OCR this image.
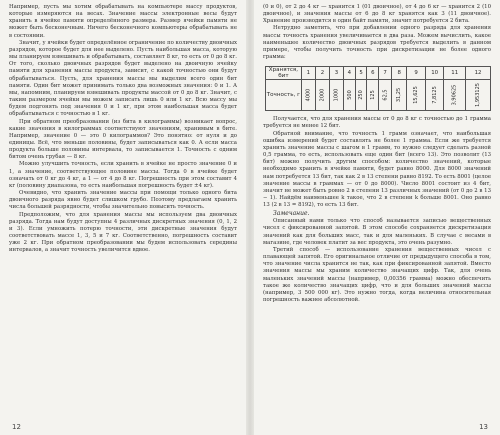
Например, пусть мы хотим обрабатывать на компьютере массу продуктов, которые измеряются на весах. Значение массы электронные весы будут хранить в ячейке памяти определённого размера. Размер ячейки памяти не может быть бесконечным. Ничего бесконечного компьютеры обрабатывать не в состоянии.

Значит, у ячейки будет определённое ограничение по количеству двоичных разрядов, которое будет для нее выделено. Пусть наибольшая масса, которую мы планируем взвешивать и обрабатывать, составляет 8 кг, то есть от 0 до 8 кг. От того, сколько двоичных разрядов будет выделено на двоичную ячейку памяти для хранения массы продукта, зависит, с какой точностью они будут обрабатываться. Пусть, для хранения массы мы выделим всего один бит памяти. Один бит может принимать только два возможных значения: 0 и 1. А мы, напомним, планируем взвешивать продукты массой от 0 до 8 кг. Значит, с таким размером ячейки мы можем записать лишь 0 или 1 кг. Всю массу мы будем подгонять под значения 0 и 1 кг, при этом наибольшая масса будет обрабатываться с точностью в 1 кг.

При обратном преобразовании (из бита в килограммы) возникает вопрос, какие значения в килограммах соответствуют значениям, хранимым в бите. Например, значение 0 — это 0 килограммов? Это понятно: от нуля и до единицы. Всё, что меньше половины, будет записываться как 0. А если масса продукта больше половины интервала, то записывается 1. Точность с одним битом очень грубая — 8 кг.

Можно улучшить точность, если хранить в ячейке не просто значение 0 и 1, а значение, соответствующее половине массы. Тогда 0 в ячейке будет означать от 0 кг до 4 кг, а 1 — от 4 до 8 кг. Погрешность при этом составит 4 кг (половину диапазона, то есть наибольшая погрешность будет ±4 кг).

Очевидно, что хранить значение массы при помощи только одного бита двоичного разряда явно будет слишком грубо. Поэтому предлагаем хранить числа большей разрядности, чтобы значительно повысить точность.

Предположим, что для хранения массы мы используем два двоичных разряда. Тогда нам будут доступны 4 различных дискретных значения (0, 1, 2 и 3). Если умножить потерю точности, эти дискретные значения будут соответствовать массе 1, 3, 5 и 7 кг. Соответственно, погрешность составит уже 2 кг. При обратном преобразовании мы будем использовать середины интервалов, а значит точность увеличится вдвое.

12

(0 и 0), от 2 до 4 кг — хранится 1 (01 двоичное), от 4 до 6 кг — хранится 2 (10 двоичное), и значения массы от 6 до 8 кг хранятся как 3 (11 двоичное). Хранение производится в один байт памяти, значит потребуется 2 бита.

Нетрудно заметить, что при добавлении одного разряда для хранения массы точность хранения увеличивается в два раза. Можем вычислить, какое наименьшее количество двоичных разрядов требуется выделить в данном примере, чтобы получить точность при дискретизации не более одного грамма:

Хранятся, бит	1	2	3	4	5	6	7	8	9	10	11	12
Точность, г	4000	2000	1000	500	250	125	62,5	31,25	15,625	7,8125	3,90625	1,953125

Получается, что для хранения массы от 0 до 8 кг с точностью до 1 грамма требуется не менее 12 бит.

Обратной внимание, что точность 1 грамм означает, что наибольшая ошибка измерений будет составлять не более 1 грамма. Если же требуется хранить значение массы с шагом в 1 грамм, то нужно следует сделать разной 0,5 грамма, то есть, использовать еще один бит (всего 13). Это позволит (13 бит) можно получить другим способом: количество значений, которые необходимо хранить в ячейке памяти, будет равно 8000. Для 8000 значений нам потребуется 13 бит, так как 2 в 13 степени равно 8192. То есть 8001 (целое значение массы в граммах — от 0 до 8000). Число 8001 состоит из 4 бит, значит не может быть ровно 2 в степени 13 различных значений (от 0 до 2 в 13 − 1). Найдём наименьшее k такое, что 2 в степени k больше 8001. Оно равно 13 (2 в 13 = 8192), то есть 13 бит.

Замечание.

Описанный нами только что способ называется записью вещественных чисел с фиксированной запятой. В этом способе сохраняется дискретизация значений как для больших масс, так и для маленьких. В случае с весами в магазине, где человек платит за вес продукта, это очень разумно.

Третий способ — использование хранения вещественных чисел с плавающей запятой. Его оригинальное отличие от предыдущего способа в том, что значение числа хранится не так, как при фиксированной запятой. Вместо значения массы мы храним количество значащих цифр. Так, для очень маленьких значений массы (например, 0,00356 грамма) можно обеспечить такое же количество значащих цифр, что и для больших значений массы (например, 3 500 000 кг). Это нужно тогда, когда величина относительная погрешность важнее абсолютной.

13
